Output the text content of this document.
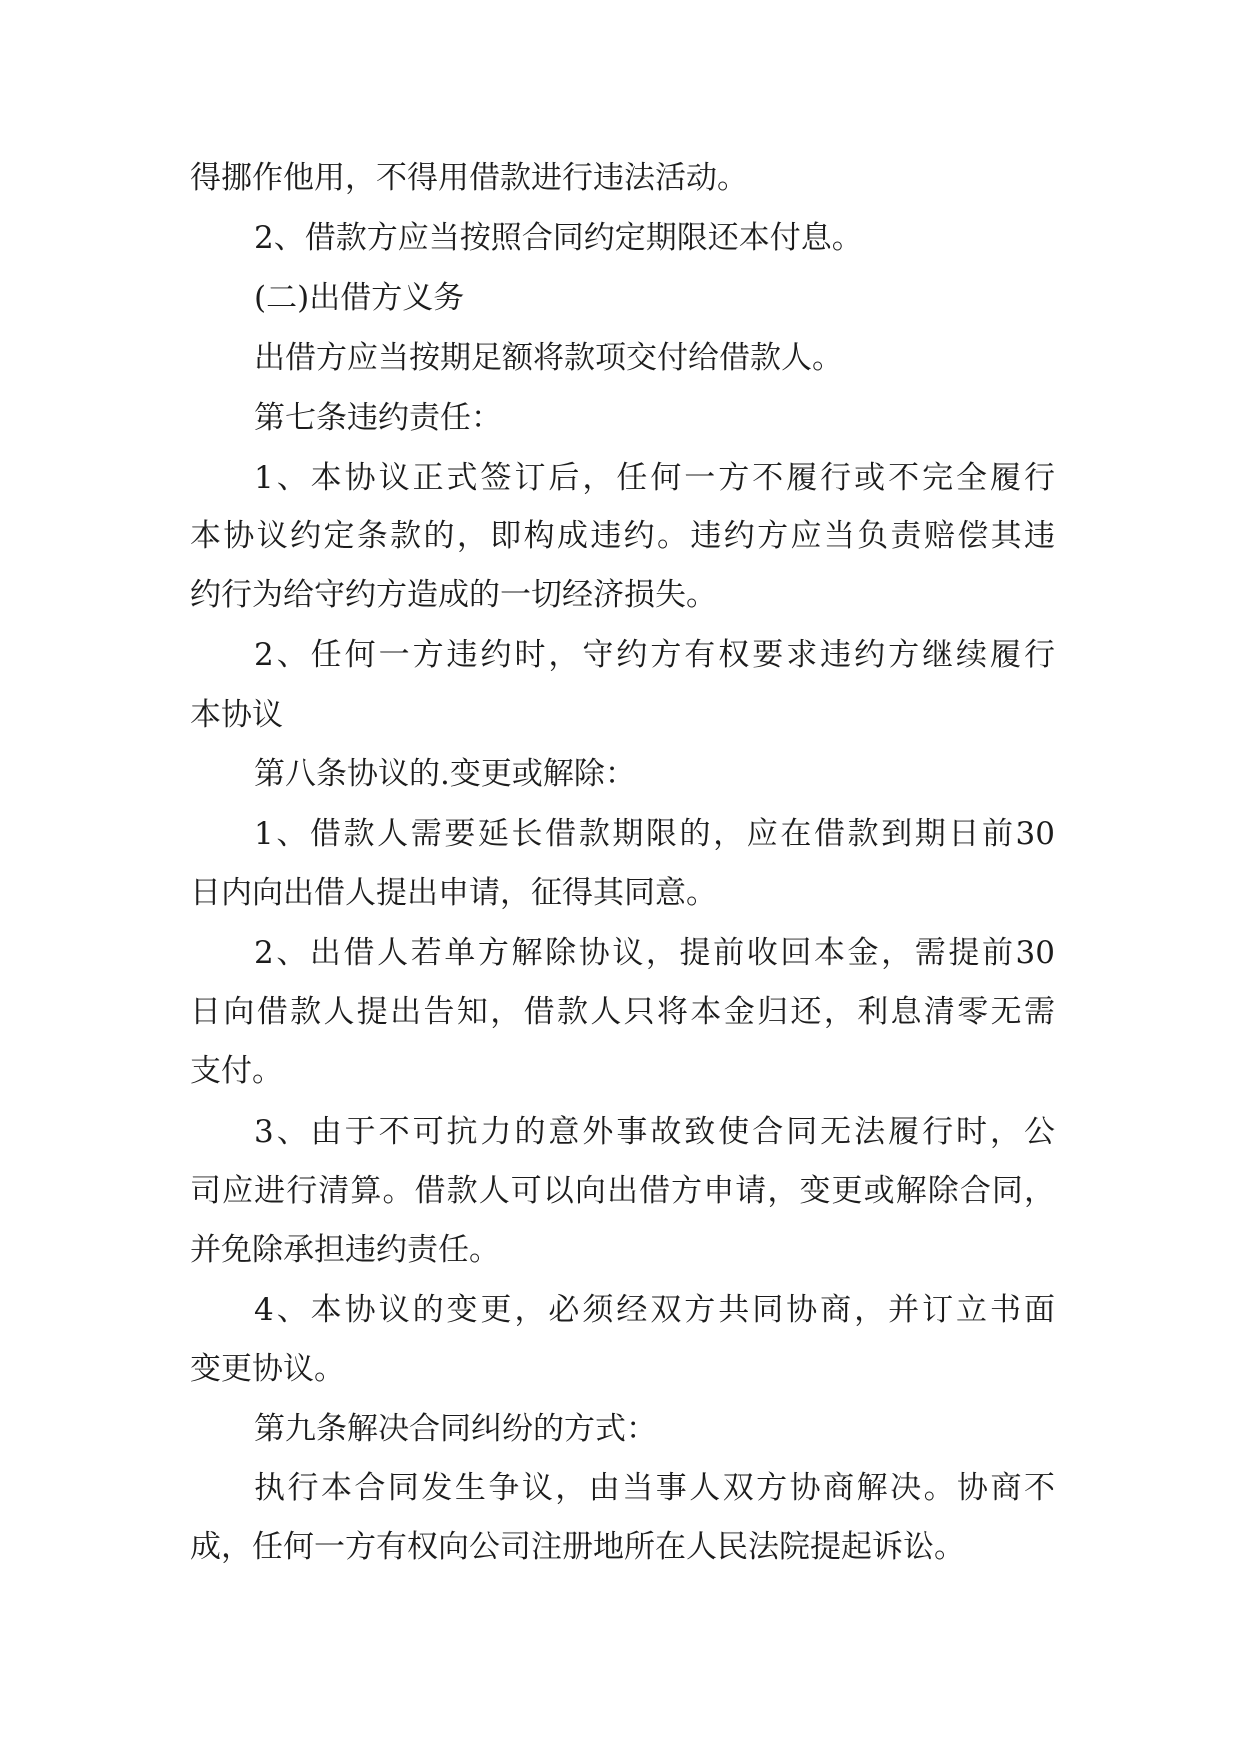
得挪作他用，不得用借款进行违法活动。
2、借款方应当按照合同约定期限还本付息。
(二)出借方义务
出借方应当按期足额将款项交付给借款人。
第七条违约责任：
1、本协议正式签订后，任何一方不履行或不完全履行
本协议约定条款的，即构成违约。违约方应当负责赔偿其违
约行为给守约方造成的一切经济损失。
2、任何一方违约时，守约方有权要求违约方继续履行
本协议
第八条协议的.变更或解除：
1、借款人需要延长借款期限的，应在借款到期日前30
日内向出借人提出申请，征得其同意。
2、出借人若单方解除协议，提前收回本金，需提前30
日向借款人提出告知，借款人只将本金归还，利息清零无需
支付。
3、由于不可抗力的意外事故致使合同无法履行时，公
司应进行清算。借款人可以向出借方申请，变更或解除合同，
并免除承担违约责任。
4、本协议的变更，必须经双方共同协商，并订立书面
变更协议。
第九条解决合同纠纷的方式：
执行本合同发生争议，由当事人双方协商解决。协商不
成，任何一方有权向公司注册地所在人民法院提起诉讼。
